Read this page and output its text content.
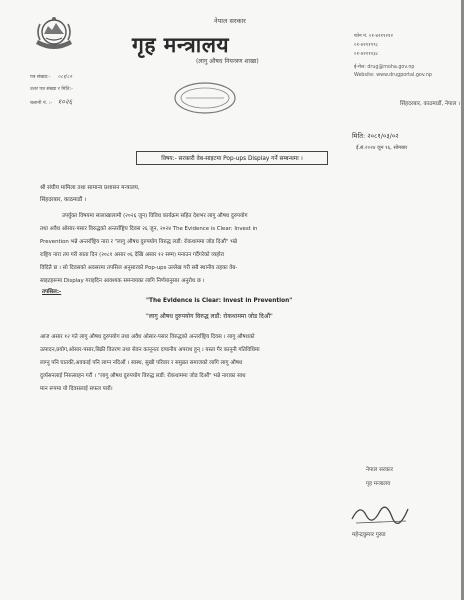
नेपाल सरकार
गृह मन्त्रालय
(लागु औषध नियन्त्रण शाखा)
फोन नं. ०१-४२११२१२
०१-४२११९९८
०१-४२१११३८
ई-मेल: drug@moha.gov.np
Website: www.drugportal.gov.np
सिंहदरबार, काठमाडौं, नेपाल ।
पत्र संख्या:- ०८१/८२
उत्तर पत्र संख्या र मिति:-
चलानी नं. :- १०२६
मिति: २०८१/०३/०२
ई.सं.२०२४ जुन १६, सोमबार
विषय:- सरकारी वेब-साइटमा Pop-ups Display गर्ने सम्बन्धमा ।
श्री संघीय मामिला तथा सामान्य प्रशासन मन्त्रालय,
सिंहदरबार, काठमाडौं ।
उपर्युक्त विषयमा सालाखालामी (२०२६ जुन) विविध कार्यक्रम सहित देशभर लागु औषध दुरुपयोग
तथा अवैध ओसार-पसार विरुद्धको अन्तर्राष्ट्रिय दिवस २६ जुन, २०२४ The Evidence is Clear: Invest in
Prevention भन्ने अन्तर्राष्ट्रिय नारा र "लागु औषध दुरुपयोग विरुद्ध लडौं: रोकथाममा जोड दिऔं" भन्ने
राष्ट्रिय नारा तय गरी साता दिन (२०८१ असार ०६ देखि असार १२ सम्म) मनाउन गर्दैगरेको व्यहोरा
विदितै छ । सो दिवसको अवसरमा तपसिल अनुसारको Pop-ups उल्लेख गरी सबै स्थानीय तहका वेब-
साइटहरूमा Display गराइदिन आवश्यक समन्वयका लागि निर्णयानुसार अनुरोध छ ।
तपसिल:-
"The Evidence is Clear: Invest in Prevention"
"लागु औषध दुरुपयोग विरुद्ध लडौं: रोकथाममा जोड दिऔं"
आज असार १२ गते लागु औषध दुरुपयोग तथा अवैध ओसार-पसार विरुद्धको अन्तर्राष्ट्रिय दिवस । लागु औषधको
उत्पादन,प्रयोग,ओसार-पसार,बिक्री वितरण तथा सेवन कानूनतः दण्डनीय अपराध हुन् । यस्ता गैर कानूनी गतिविधिमा
लाग्नु पनि घातकी,अवकाई पनि लाग्न नदिऔं । स्वस्थ, सुखी परिवार र समुन्नत समाजको लागि लागु औषध
दुर्व्यसनलाई निरुत्साहन गरौं । "लागु औषध दुरुपयोग विरुद्ध लडौं: रोकथाममा जोड दिऔं" भन्ने नाराका साथ
मान रूपमा यो दिवसलाई सफल पारौं।
नेपाल सरकार
गृह मन्त्रालय
महेन्द्रकुमार गुरुङ
